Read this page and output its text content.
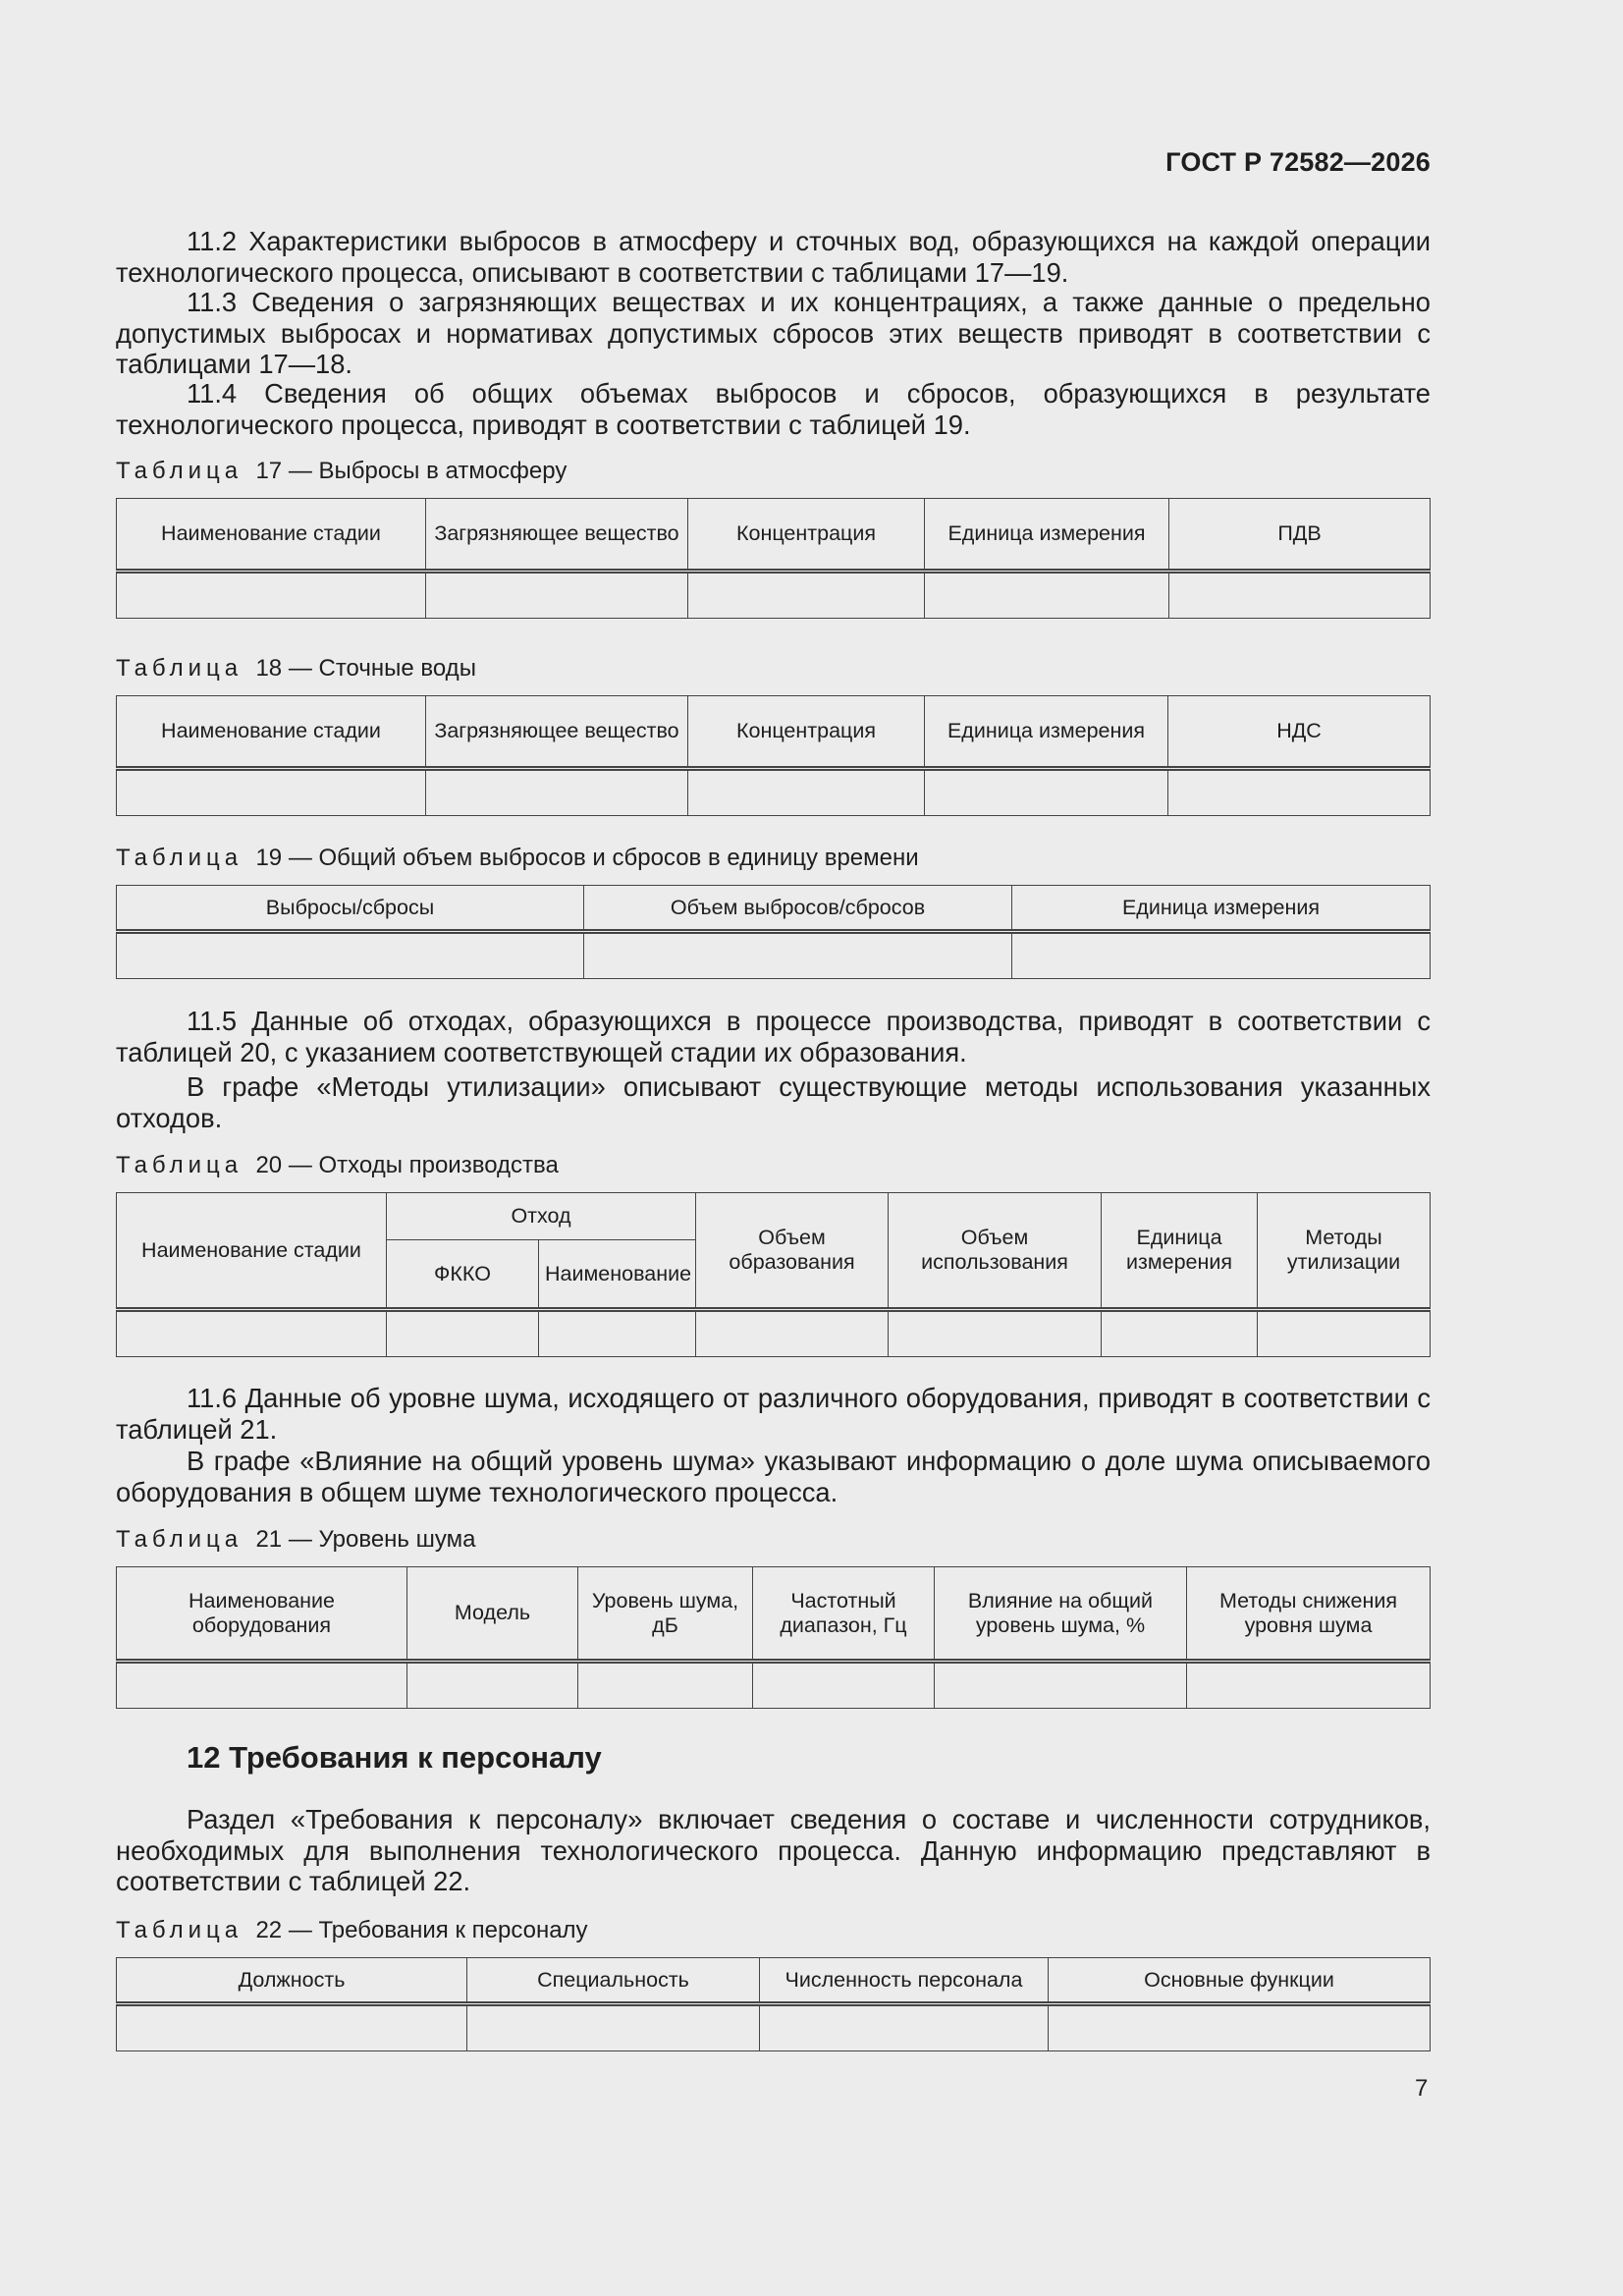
ГОСТ Р 72582—2026

11.2 Характеристики выбросов в атмосферу и сточных вод, образующихся на каждой операции технологического процесса, описывают в соответствии с таблицами 17—19.

11.3 Сведения о загрязняющих веществах и их концентрациях, а также данные о предельно допустимых выбросах и нормативах допустимых сбросов этих веществ приводят в соответствии с таблицами 17—18.

11.4 Сведения об общих объемах выбросов и сбросов, образующихся в результате технологического процесса, приводят в соответствии с таблицей 19.

Таблица 17 — Выбросы в атмосферу
Наименование стадии	Загрязняющее вещество	Концентрация	Единица измерения	ПДВ

Таблица 18 — Сточные воды
Наименование стадии	Загрязняющее вещество	Концентрация	Единица измерения	НДС

Таблица 19 — Общий объем выбросов и сбросов в единицу времени
Выбросы/сбросы	Объем выбросов/сбросов	Единица измерения

11.5 Данные об отходах, образующихся в процессе производства, приводят в соответствии с таблицей 20, с указанием соответствующей стадии их образования.

В графе «Методы утилизации» описывают существующие методы использования указанных отходов.

Таблица 20 — Отходы производства
Наименование стадии	Отход		Объем образования	Объем использования	Единица измерения	Методы утилизации
	ФККО	Наименование				

11.6 Данные об уровне шума, исходящего от различного оборудования, приводят в соответствии с таблицей 21.

В графе «Влияние на общий уровень шума» указывают информацию о доле шума описываемого оборудования в общем шуме технологического процесса.

Таблица 21 — Уровень шума
Наименование оборудования	Модель	Уровень шума, дБ	Частотный диапазон, Гц	Влияние на общий уровень шума, %	Методы снижения уровня шума

12 Требования к персоналу

Раздел «Требования к персоналу» включает сведения о составе и численности сотрудников, необходимых для выполнения технологического процесса. Данную информацию представляют в соответствии с таблицей 22.

Таблица 22 — Требования к персоналу
Должность	Специальность	Численность персонала	Основные функции

7
